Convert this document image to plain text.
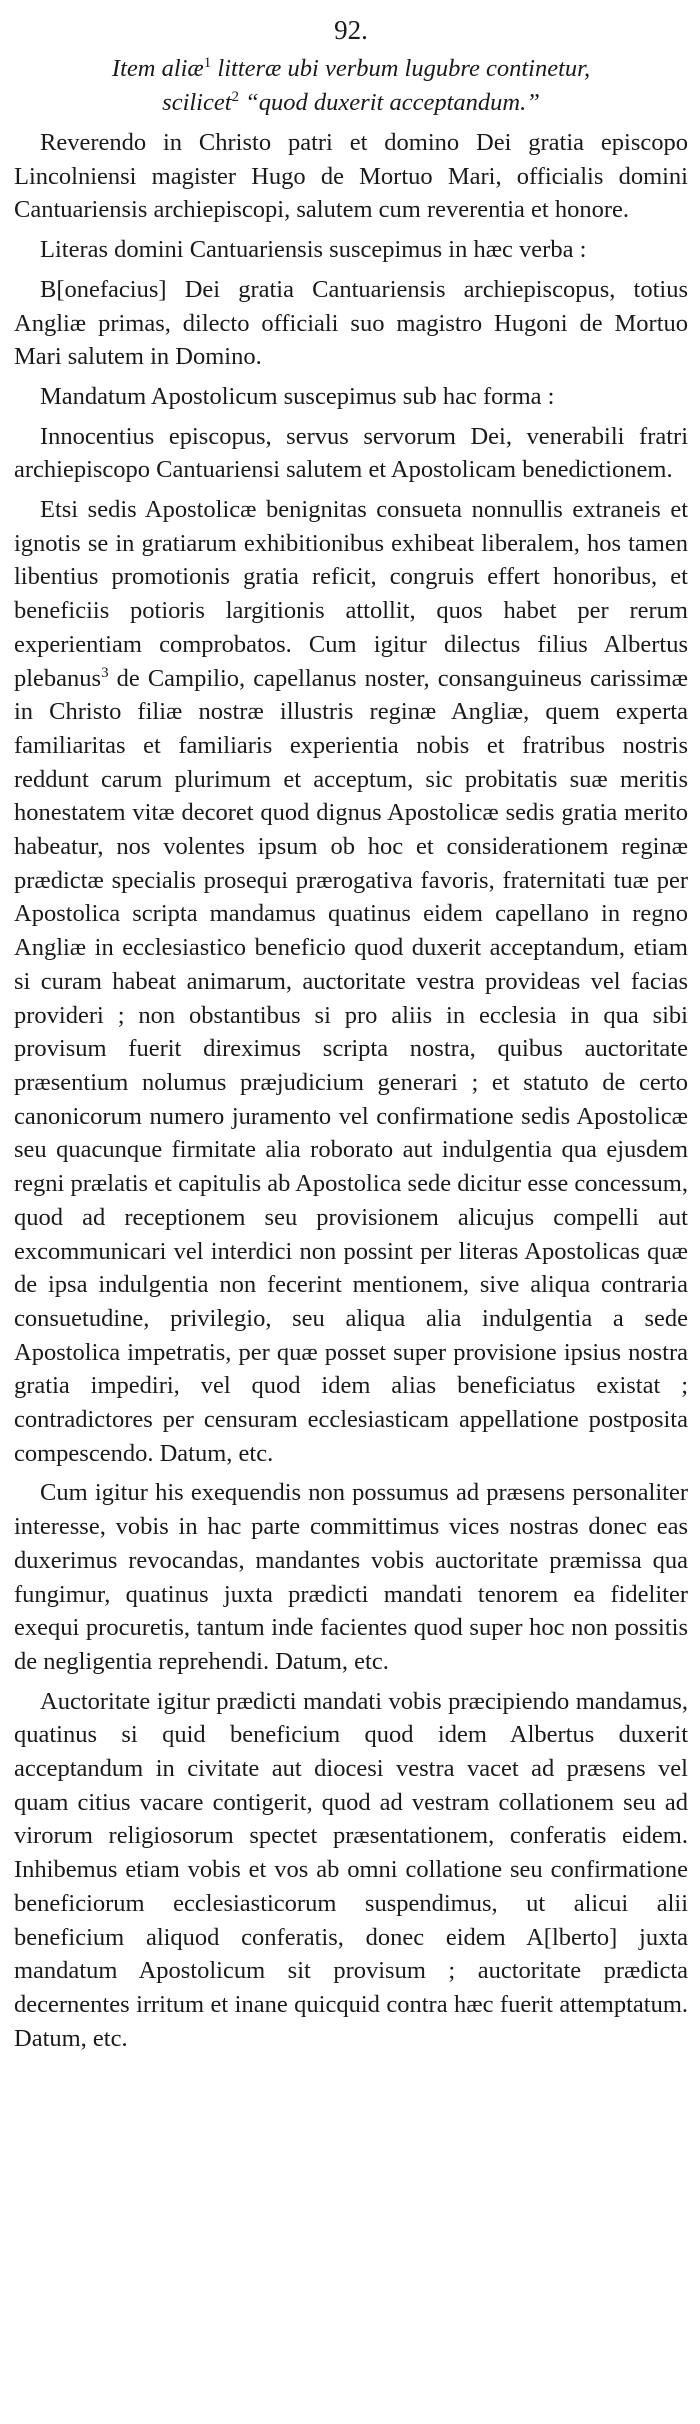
92.
Item aliæ$^1$ litteræ ubi verbum lugubre continetur,
scilicet$^2$ “quod duxerit acceptandum.”

Reverendo in Christo patri et domino Dei gratia episcopo Lincolniensi magister Hugo de Mortuo Mari, officialis domini Cantuariensis archiepiscopi, salutem cum reverentia et honore.

Literas domini Cantuariensis suscepimus in hæc verba :

B[onefacius] Dei gratia Cantuariensis archiepiscopus, totius Angliæ primas, dilecto officiali suo magistro Hugoni de Mortuo Mari salutem in Domino.

Mandatum Apostolicum suscepimus sub hac forma :

Innocentius episcopus, servus servorum Dei, venerabili fratri archiepiscopo Cantuariensi salutem et Apostolicam benedictionem.

Etsi sedis Apostolicæ benignitas consueta nonnullis extraneis et ignotis se in gratiarum exhibitionibus exhibeat liberalem, hos tamen libentius promotionis gratia reficit, congruis effert honoribus, et beneficiis potioris largitionis attollit, quos habet per rerum experientiam comprobatos. Cum igitur dilectus filius Albertus plebanus$^3$ de Campilio, capellanus noster, consanguineus carissimæ in Christo filiæ nostræ illustris reginæ Angliæ, quem experta familiaritas et familiaris experientia nobis et fratribus nostris reddunt carum plurimum et acceptum, sic probitatis suæ meritis honestatem vitæ decoret quod dignus Apostolicæ sedis gratia merito habeatur, nos volentes ipsum ob hoc et considerationem reginæ prædictæ specialis prosequi prærogativa favoris, fraternitati tuæ per Apostolica scripta mandamus quatinus eidem capellano in regno Angliæ in ecclesiastico beneficio quod duxerit acceptandum, etiam si curam habeat animarum, auctoritate vestra provideas vel facias provideri ; non obstantibus si pro aliis in ecclesia in qua sibi provisum fuerit direximus scripta nostra, quibus auctoritate præsentium nolumus præjudicium generari ; et statuto de certo canonicorum numero juramento vel confirmatione sedis Apostolicæ seu quacunque firmitate alia roborato aut indulgentia qua ejusdem regni prælatis et capitulis ab Apostolica sede dicitur esse concessum, quod ad receptionem seu provisionem alicujus compelli aut excommunicari vel interdici non possint per literas Apostolicas quæ de ipsa indulgentia non fecerint mentionem, sive aliqua contraria consuetudine, privilegio, seu aliqua alia indulgentia a sede Apostolica impetratis, per quæ posset super provisione ipsius nostra gratia impediri, vel quod idem alias beneficiatus existat ; contradictores per censuram ecclesiasticam appellatione postposita compescendo. Datum, etc.

Cum igitur his exequendis non possumus ad præsens personaliter interesse, vobis in hac parte committimus vices nostras donec eas duxerimus revocandas, mandantes vobis auctoritate præmissa qua fungimur, quatinus juxta prædicti mandati tenorem ea fideliter exequi procuretis, tantum inde facientes quod super hoc non possitis de negligentia reprehendi. Datum, etc.

Auctoritate igitur prædicti mandati vobis præcipiendo mandamus, quatinus si quid beneficium quod idem Albertus duxerit acceptandum in civitate aut diocesi vestra vacet ad præsens vel quam citius vacare contigerit, quod ad vestram collationem seu ad virorum religiosorum spectet præsentationem, conferatis eidem. Inhibemus etiam vobis et vos ab omni collatione seu confirmatione beneficiorum ecclesiasticorum suspendimus, ut alicui alii beneficium aliquod conferatis, donec eidem A[lberto] juxta mandatum Apostolicum sit provisum ; auctoritate prædicta decernentes irritum et inane quicquid contra hæc fuerit attemptatum. Datum, etc.
